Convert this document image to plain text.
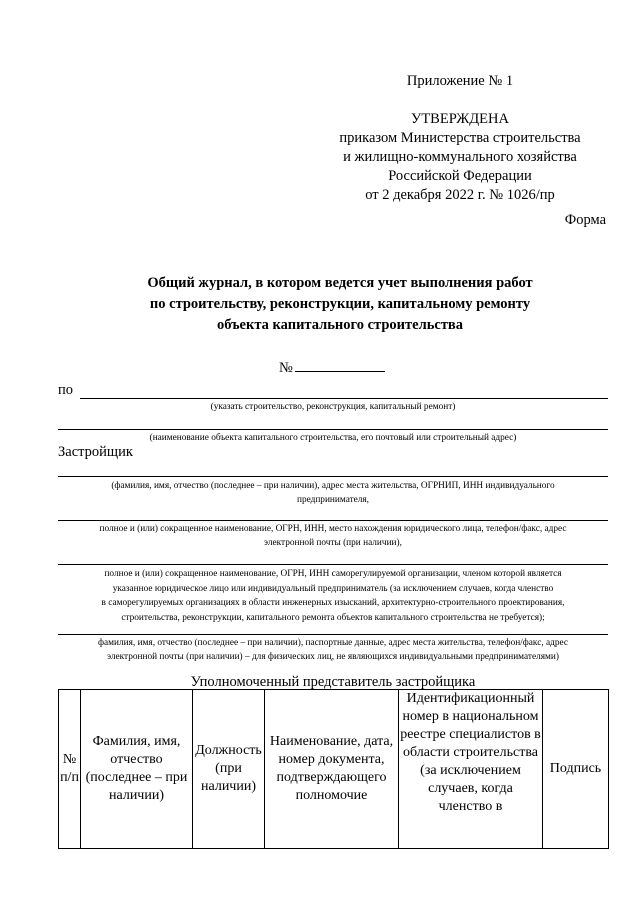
Приложение № 1
УТВЕРЖДЕНА
приказом Министерства строительства
и жилищно-коммунального хозяйства
Российской Федерации
от 2 декабря 2022 г. № 1026/пр
Форма
Общий журнал, в котором ведется учет выполнения работ
по строительству, реконструкции, капитальному ремонту
объекта капитального строительства
№
по
(указать строительство, реконструкция, капитальный ремонт)
(наименование объекта капитального строительства, его почтовый или строительный адрес)
Застройщик
(фамилия, имя, отчество (последнее – при наличии), адрес места жительства, ОГРНИП, ИНН индивидуального
предпринимателя,
полное и (или) сокращенное наименование, ОГРН, ИНН, место нахождения юридического лица, телефон/факс, адрес
электронной почты (при наличии),
полное и (или) сокращенное наименование, ОГРН, ИНН саморегулируемой организации, членом которой является
указанное юридическое лицо или индивидуальный предприниматель (за исключением случаев, когда членство
в саморегулируемых организациях в области инженерных изысканий, архитектурно-строительного проектирования,
строительства, реконструкции, капитального ремонта объектов капитального строительства не требуется);
фамилия, имя, отчество (последнее – при наличии), паспортные данные, адрес места жительства, телефон/факс, адрес
электронной почты (при наличии) – для физических лиц, не являющихся индивидуальными предпринимателями)
Уполномоченный представитель застройщика
№ п/п	Фамилия, имя, отчество (последнее – при наличии)	Должность (при наличии)	Наименование, дата, номер документа, подтверждающего полномочие	Идентификационный номер в национальном реестре специалистов в области строительства (за исключением случаев, когда членство в	Подпись
